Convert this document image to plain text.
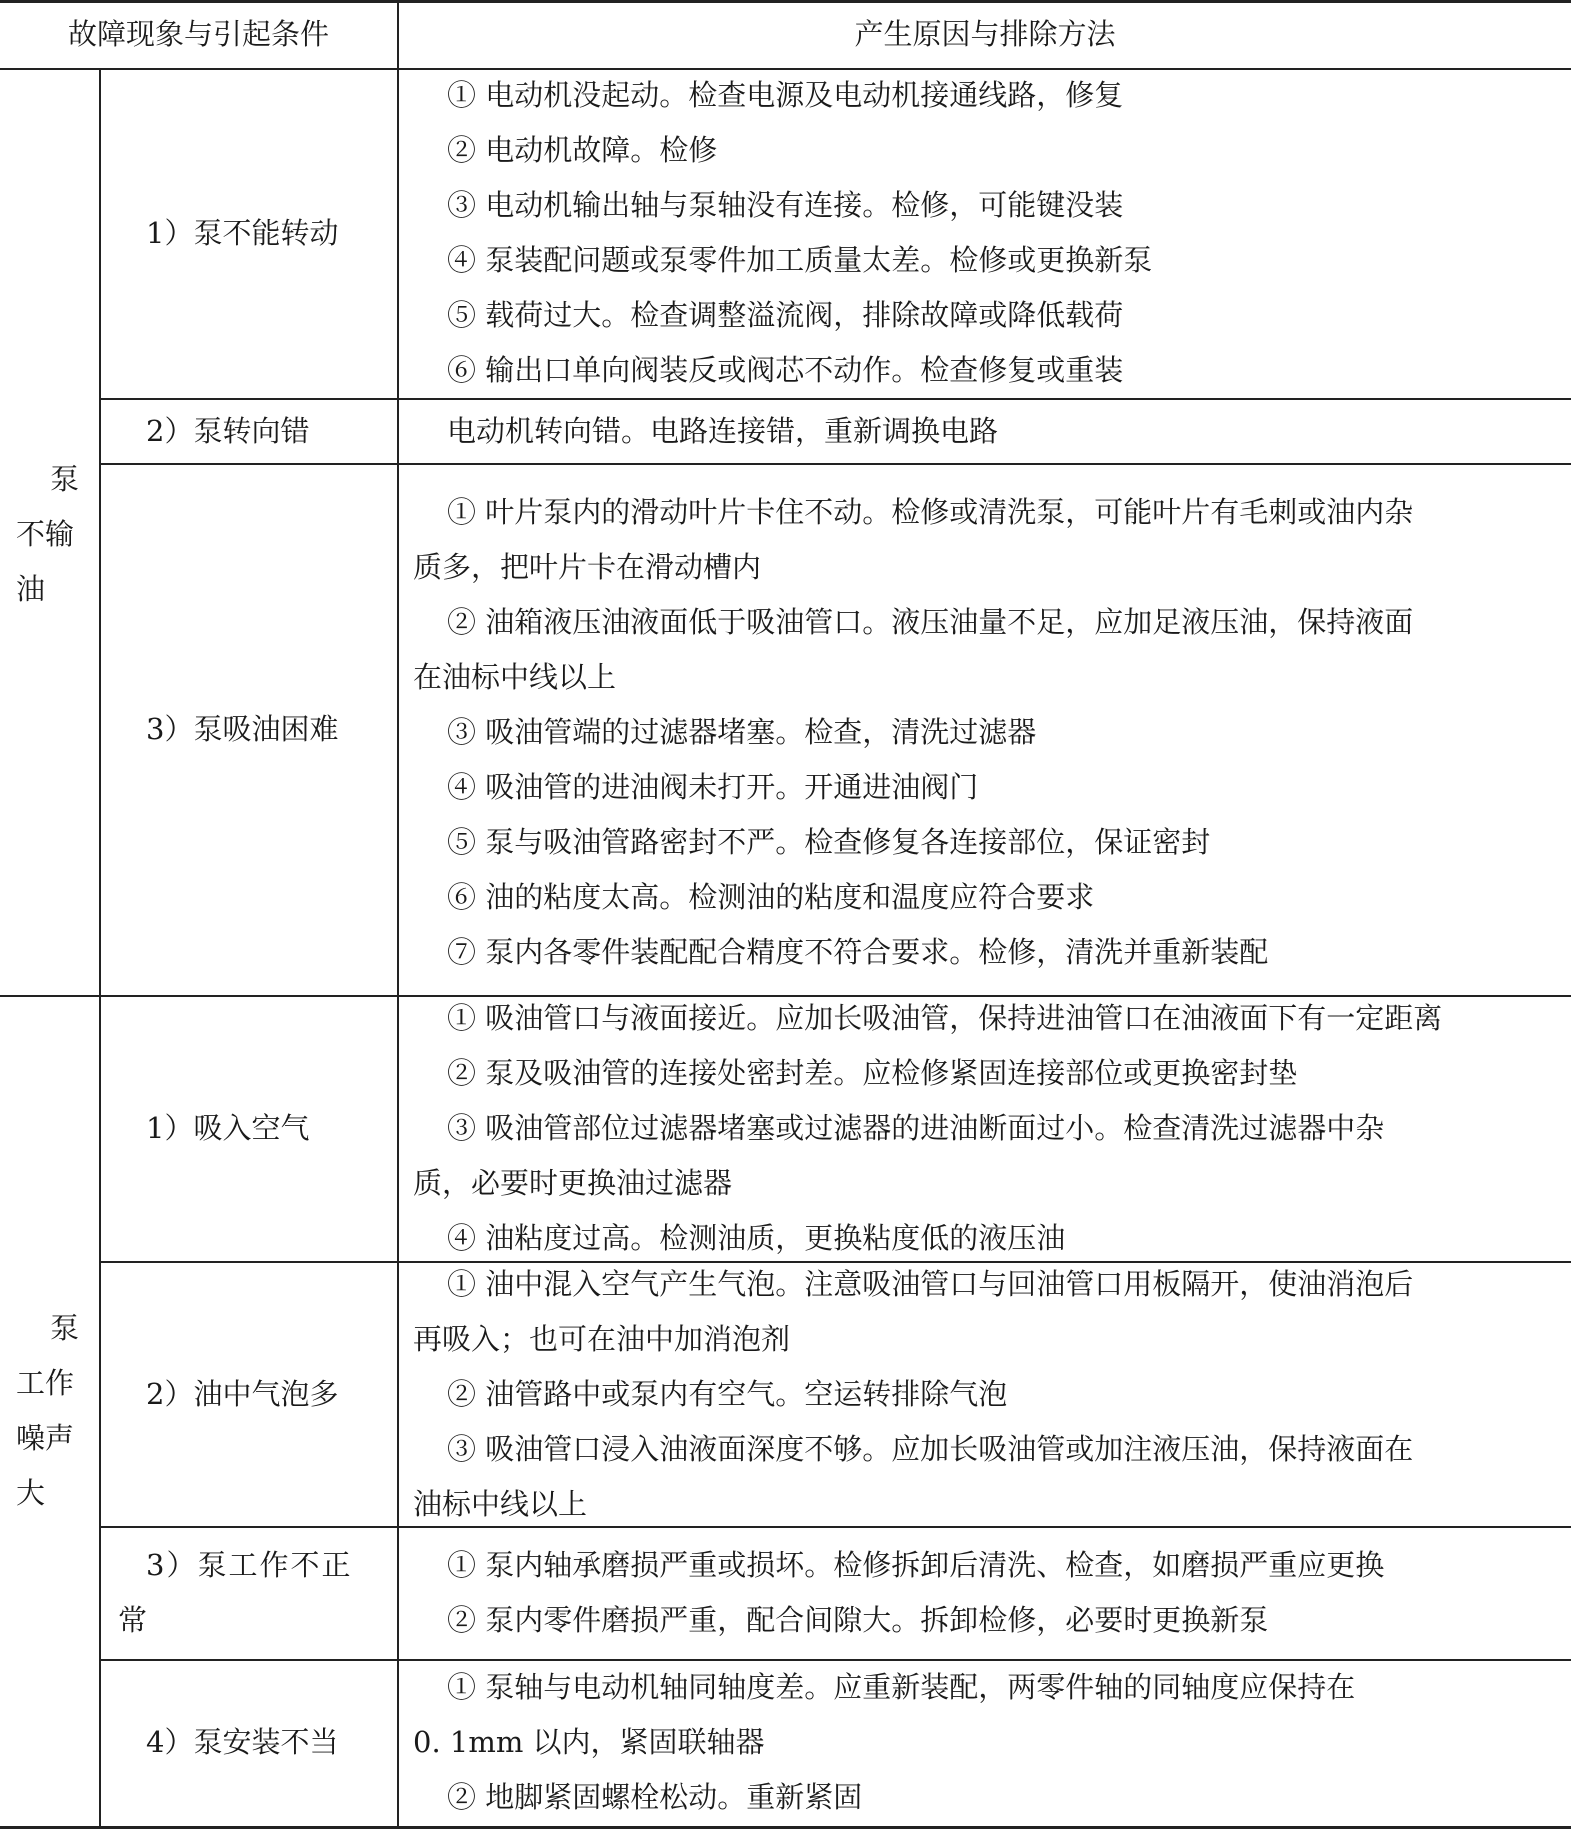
故障现象与引起条件	产生原因与排除方法
泵
不输
油
泵
工作
噪声
大
1）泵不能转动
2）泵转向错
3）泵吸油困难
1）吸入空气
2）油中气泡多
3）泵工作不正
常
4）泵安装不当
① 电动机没起动。检查电源及电动机接通线路，修复
② 电动机故障。检修
③ 电动机输出轴与泵轴没有连接。检修，可能键没装
④ 泵装配问题或泵零件加工质量太差。检修或更换新泵
⑤ 载荷过大。检查调整溢流阀，排除故障或降低载荷
⑥ 输出口单向阀装反或阀芯不动作。检查修复或重装
电动机转向错。电路连接错，重新调换电路
① 叶片泵内的滑动叶片卡住不动。检修或清洗泵，可能叶片有毛刺或油内杂
质多，把叶片卡在滑动槽内
② 油箱液压油液面低于吸油管口。液压油量不足，应加足液压油，保持液面
在油标中线以上
③ 吸油管端的过滤器堵塞。检查，清洗过滤器
④ 吸油管的进油阀未打开。开通进油阀门
⑤ 泵与吸油管路密封不严。检查修复各连接部位，保证密封
⑥ 油的粘度太高。检测油的粘度和温度应符合要求
⑦ 泵内各零件装配配合精度不符合要求。检修，清洗并重新装配
① 吸油管口与液面接近。应加长吸油管，保持进油管口在油液面下有一定距离
② 泵及吸油管的连接处密封差。应检修紧固连接部位或更换密封垫
③ 吸油管部位过滤器堵塞或过滤器的进油断面过小。检查清洗过滤器中杂
质，必要时更换油过滤器
④ 油粘度过高。检测油质，更换粘度低的液压油
① 油中混入空气产生气泡。注意吸油管口与回油管口用板隔开，使油消泡后
再吸入；也可在油中加消泡剂
② 油管路中或泵内有空气。空运转排除气泡
③ 吸油管口浸入油液面深度不够。应加长吸油管或加注液压油，保持液面在
油标中线以上
① 泵内轴承磨损严重或损坏。检修拆卸后清洗、检查，如磨损严重应更换
② 泵内零件磨损严重，配合间隙大。拆卸检修，必要时更换新泵
① 泵轴与电动机轴同轴度差。应重新装配，两零件轴的同轴度应保持在
0. 1mm 以内，紧固联轴器
② 地脚紧固螺栓松动。重新紧固
